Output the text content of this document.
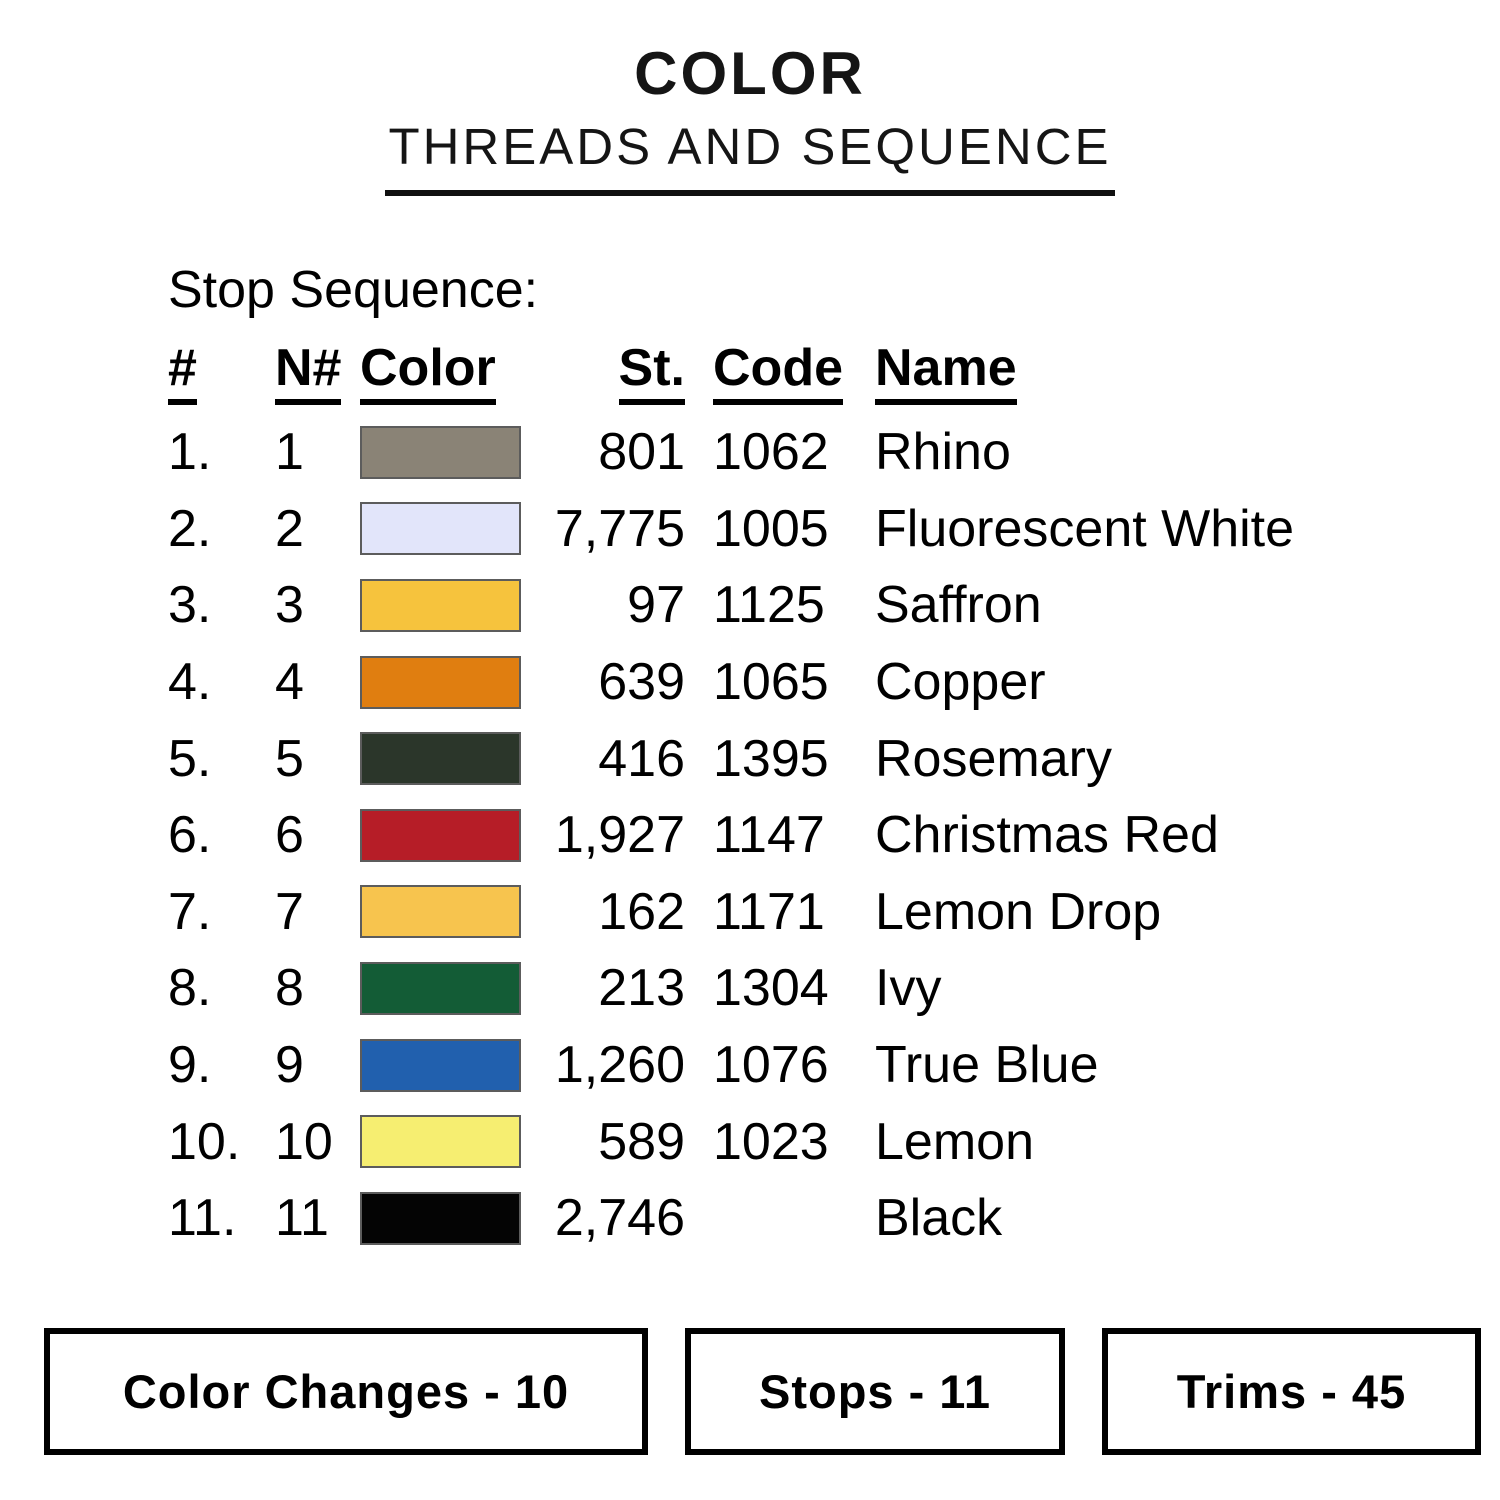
COLOR
THREADS AND SEQUENCE
Stop Sequence:
#	N# Color	St. Code Name
1.	1	801 1062 Rhino
2.	2	7,775 1005 Fluorescent White
3.	3	97 1125 Saffron
4.	4	639 1065 Copper
5.	5	416 1395 Rosemary
6.	6	1,927 1147 Christmas Red
7.	7	162 1171 Lemon Drop
8.	8	213 1304 Ivy
9.	9	1,260 1076 True Blue
10. 10	589 1023 Lemon
11. 11	2,746	Black
Color Changes - 10	Stops - 11	Trims - 45
